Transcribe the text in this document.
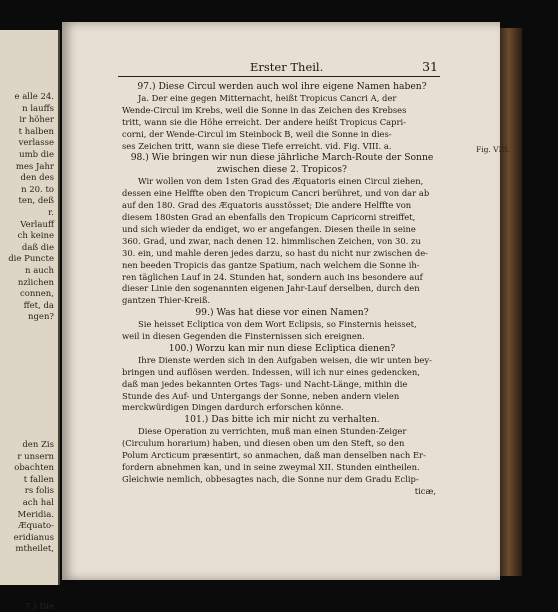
e alle 24.
n lauffs
ir höher
t halben
verlasse
umb die
mes Jahr
den des
n 20. to
ten, deß
r.
Verlauff
ch keine
daß die
die Puncte
n auch
nzlichen
connen,
ffet, da
ngen?
den Zis
r unsern
obachten
t fallen
rs folis
ach hal
Meridia.
Æquato-
eridianus
mtheilet,
7.) Die
Erster Theil.	31
Fig. VIII.

97.) Diese Circul werden auch wol ihre eigene Namen haben?

Ja. Der eine gegen Mitternacht, heißt Tropicus Cancri A, der

Wende-Circul im Krebs, weil die Sonne in das Zeichen des Krebses

tritt, wann sie die Höhe erreicht. Der andere heißt Tropicus Capri-

corni, der Wende-Circul im Steinbock B, weil die Sonne in dies-

ses Zeichen tritt, wann sie diese Tiefe erreicht. vid. Fig. VIII. a.

98.) Wie bringen wir nun diese jährliche March-Route der Sonne

zwischen diese 2. Tropicos?

Wir wollen von dem 1sten Grad des Æquatoris einen Circul ziehen,

dessen eine Helffte oben den Tropicum Cancri berühret, und von dar ab

auf den 180. Grad des Æquatoris ausstösset; Die andere Helffte von

diesem 180sten Grad an ebenfalls den Tropicum Capricorni streiffet,

und sich wieder da endiget, wo er angefangen. Diesen theile in seine

360. Grad, und zwar, nach denen 12. himmlischen Zeichen, von 30. zu

30. ein, und mahle deren jedes darzu, so hast du nicht nur zwischen de-

nen beeden Tropicis das gantze Spatium, nach welchem die Sonne ih-

ren täglichen Lauf in 24. Stunden hat, sondern auch ins besondere auf

dieser Linie den sogenannten eigenen Jahr-Lauf derselben, durch den

gantzen Thier-Kreiß.

99.) Was hat diese vor einen Namen?

Sie heisset Ecliptica von dem Wort Eclipsis, so Finsternis heisset,

weil in diesen Gegenden die Finsternissen sich ereignen.

100.) Worzu kan mir nun diese Ecliptica dienen?

Ihre Dienste werden sich in den Aufgaben weisen, die wir unten bey-

bringen und auflösen werden. Indessen, will ich nur eines gedencken,

daß man jedes bekannten Ortes Tags- und Nacht-Länge, mithin die

Stunde des Auf- und Untergangs der Sonne, neben andern vielen

merckwürdigen Dingen dardurch erforschen könne.

101.) Das bitte ich mir nicht zu verhalten.

Diese Operation zu verrichten, muß man einen Stunden-Zeiger

(Circulum horarium) haben, und diesen oben um den Steft, so den

Polum Arcticum præsentirt, so anmachen, daß man denselben nach Er-

fordern abnehmen kan, und in seine zweymal XII. Stunden eintheilen.

Gleichwie nemlich, obbesagtes nach, die Sonne nur dem Gradu Eclip-

ticæ,
